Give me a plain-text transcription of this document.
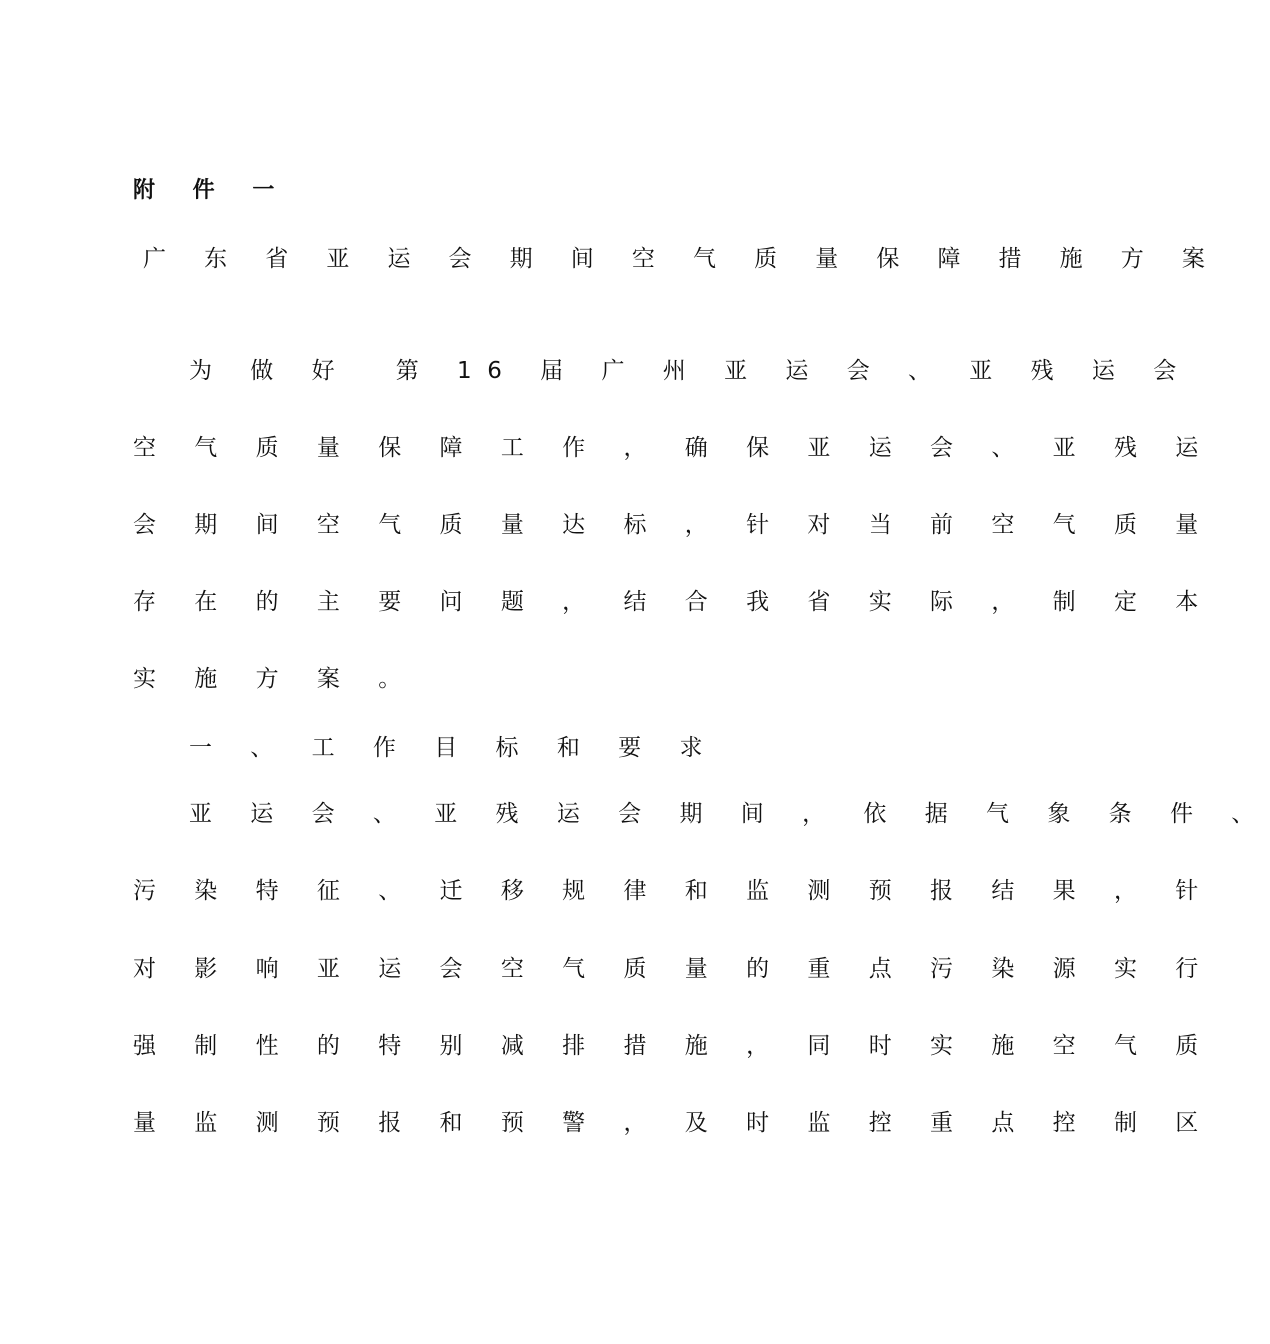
附 件 一
广 东 省 亚 运 会 期 间 空 气 质 量 保 障 措 施 方 案
为 做 好  第 16 届 广 州 亚 运 会 、 亚 残 运 会
空 气 质 量 保 障 工 作 ， 确 保 亚 运 会 、 亚 残 运
会 期 间 空 气 质 量 达 标 ， 针 对 当 前 空 气 质 量
存 在 的 主 要 问 题 ， 结 合 我 省 实 际 ， 制 定 本
实 施 方 案 。
一 、 工 作 目 标 和 要 求
亚 运 会 、 亚 残 运 会 期 间 ， 依 据 气 象 条 件 、
污 染 特 征 、 迁 移 规 律 和 监 测 预 报 结 果 ， 针
对 影 响 亚 运 会 空 气 质 量 的 重 点 污 染 源 实 行
强 制 性 的 特 别 减 排 措 施 ， 同 时 实 施 空 气 质
量 监 测 预 报 和 预 警 ， 及 时 监 控 重 点 控 制 区
